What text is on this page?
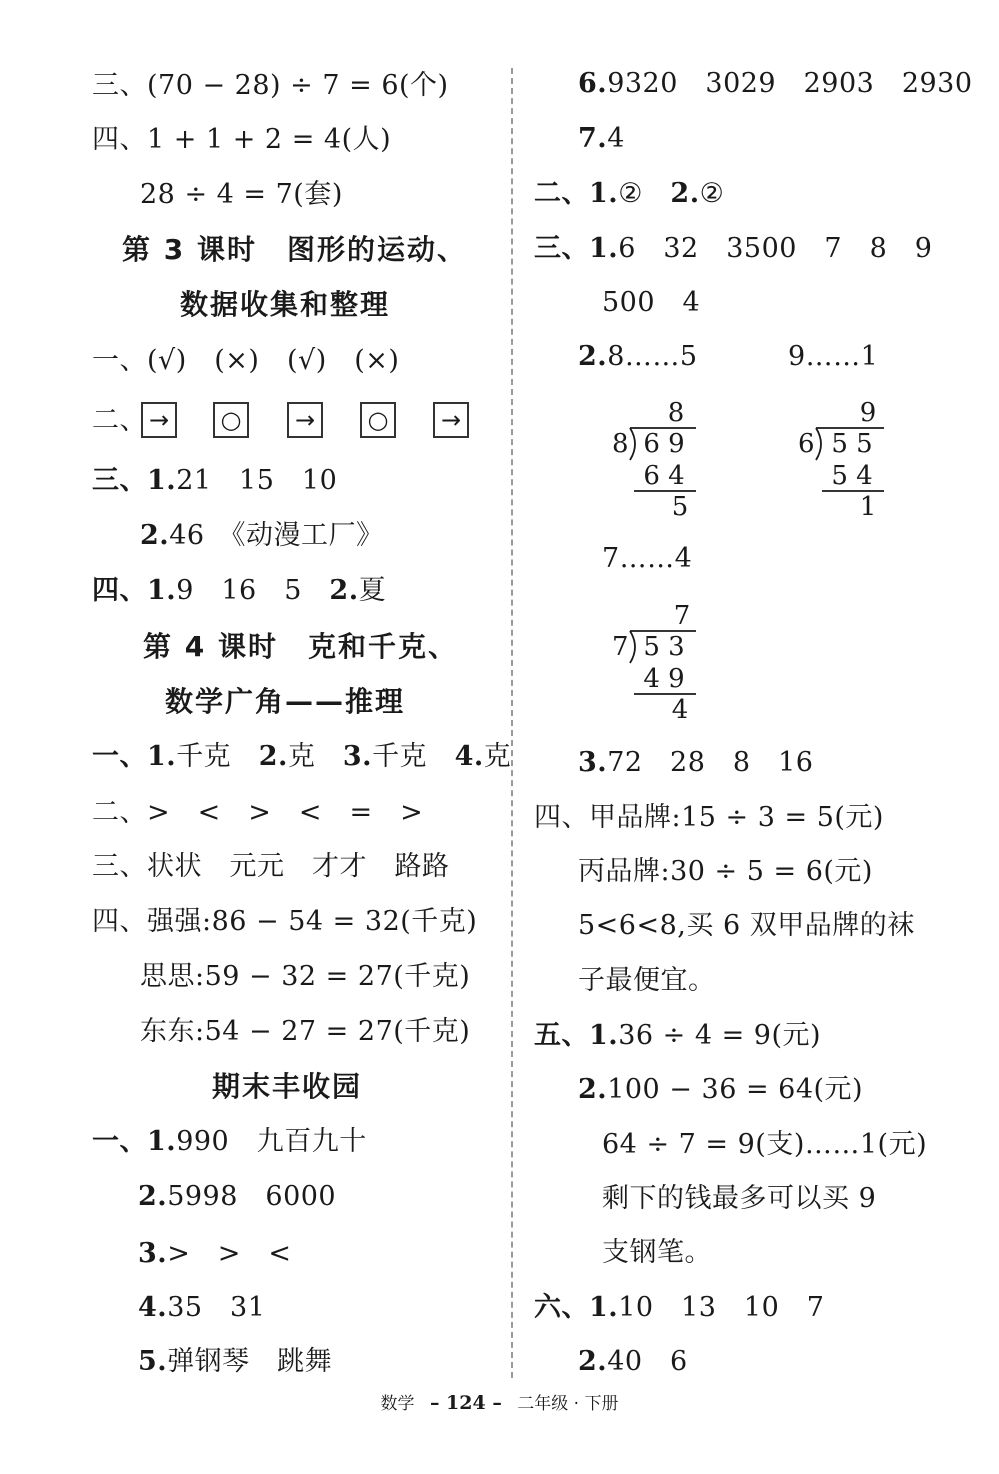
三、(70 − 28) ÷ 7 = 6(个)
四、1 + 1 + 2 = 4(人)
28 ÷ 4 = 7(套)
第 3 课时　图形的运动、
数据收集和整理
一、(√)　(×)　(√)　(×)
二、 →	○	→	○	→
三、1.21　15　10
2.46　《动漫工厂》
四、1.9　16　5　2.夏
第 4 课时　克和千克、
数学广角——推理
一、1.千克　2.克　3.千克　4.克
二、>　<　>　<　=　>
三、状状　元元　才才　路路
四、强强:86 − 54 = 32(千克)
思思:59 − 32 = 27(千克)
东东:54 − 27 = 27(千克)
期末丰收园
一、1.990　九百九十
2.5998　6000
3.>　>　<
4.35　31
5.弹钢琴　跳舞
6.9320　3029　2903　2930
7.4
二、1.②　2.②
三、1.6　32　3500　7　8　9
500　4
2.8……5	9……1
8
8 6 9
6 4
5
9
6 5 5
5 4
1
7……4
7
7 5 3
4 9
4
3.72　28　8　16
四、甲品牌:15 ÷ 3 = 5(元)
丙品牌:30 ÷ 5 = 6(元)
5<6<8,买 6 双甲品牌的袜
子最便宜。
五、1.36 ÷ 4 = 9(元)
2.100 − 36 = 64(元)
64 ÷ 7 = 9(支)……1(元)
剩下的钱最多可以买 9
支钢笔。
六、1.10　13　10　7
2.40　6
数学 – 124 – 二年级 · 下册
